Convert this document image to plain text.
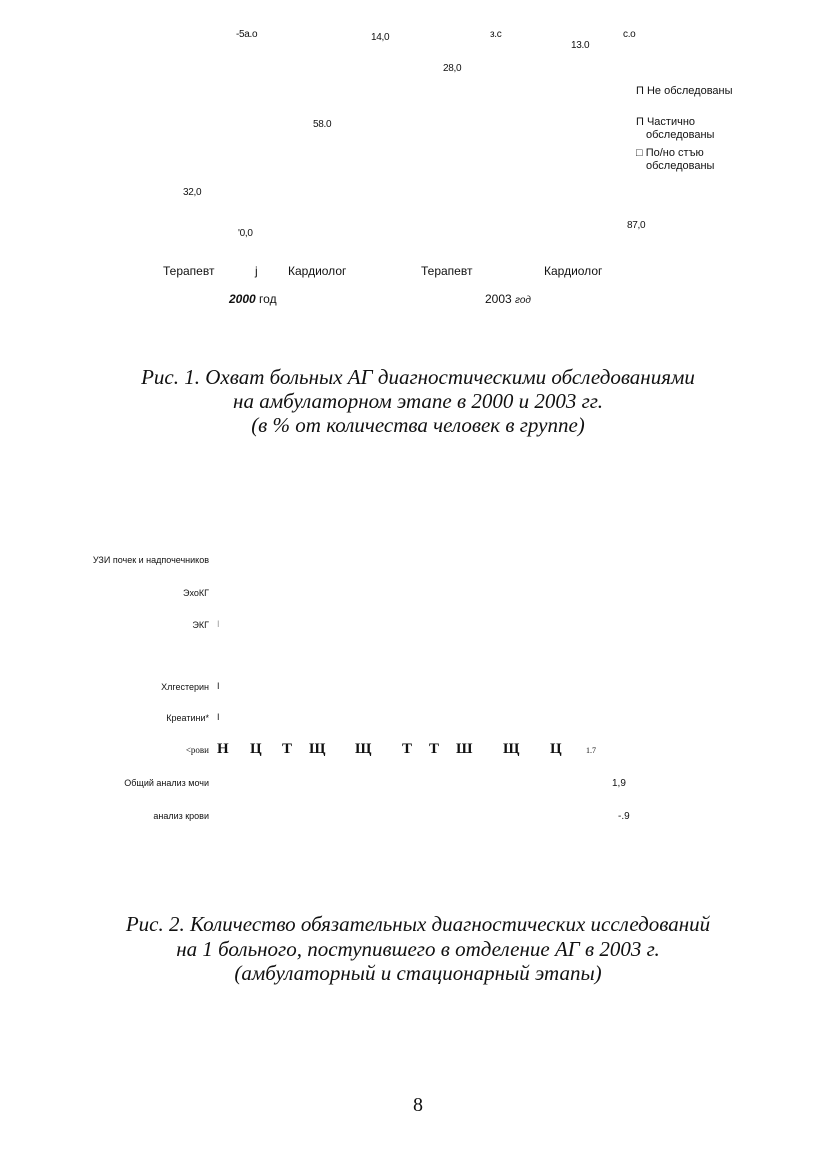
-5a.o	14,0	з.с
13.0
с.о
28,0
58.0
32,0
'0,0
87,0
П Не обследованы
П Частично
обследованы
□ По/но стъю
обследованы
Терапевт	j	Кардиолог	Терапевт	Кардиолог
2000 год	2003 год
Рис. 1. Охват больных АГ диагностическими обследованиями
на амбулаторном этапе в 2000 и 2003 гг.
(в % от количества человек в группе)
УЗИ почек и надпочечников
ЭхоКГ
ЭКГ
Хлгестерин
Креатини*
<рови
Общий анализ мочи
анализ крови
I
I
I
Н Ц Т Щ Щ Т Т Ш Щ Ц	1.7
1,9
-.9
Рис. 2. Количество обязательных диагностических исследований
на 1 больного, поступившего в отделение АГ в 2003 г.
(амбулаторный и стационарный этапы)
8
